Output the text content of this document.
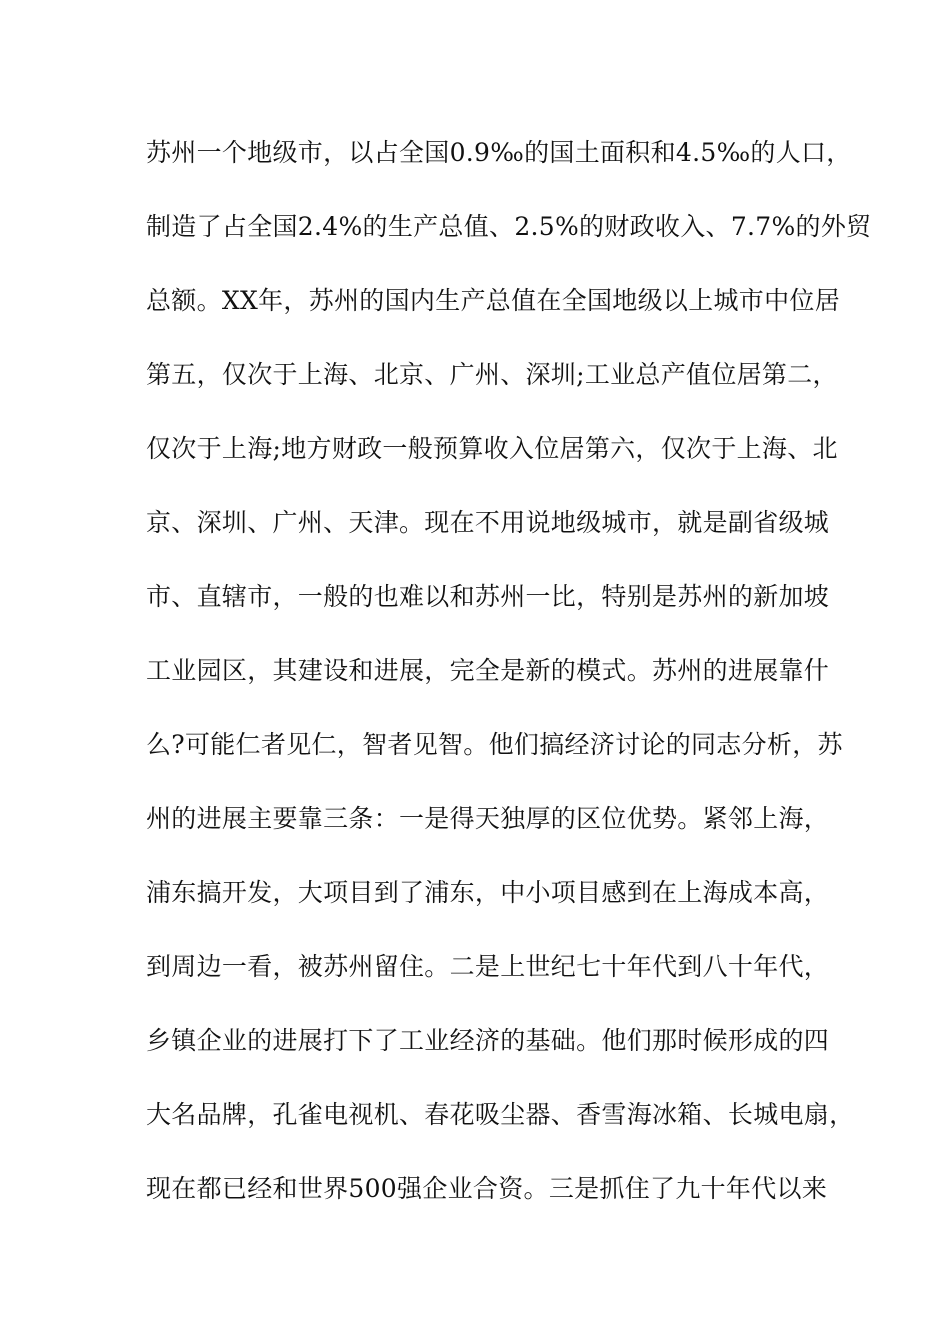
苏州一个地级市，以占全国0.9‰的国土面积和4.5‰的人口，
制造了占全国2.4%的生产总值、2.5%的财政收入、7.7%的外贸
总额。XX年，苏州的国内生产总值在全国地级以上城市中位居
第五，仅次于上海、北京、广州、深圳;工业总产值位居第二，
仅次于上海;地方财政一般预算收入位居第六，仅次于上海、北
京、深圳、广州、天津。现在不用说地级城市，就是副省级城
市、直辖市，一般的也难以和苏州一比，特别是苏州的新加坡
工业园区，其建设和进展，完全是新的模式。苏州的进展靠什
么?可能仁者见仁，智者见智。他们搞经济讨论的同志分析，苏
州的进展主要靠三条：一是得天独厚的区位优势。紧邻上海，
浦东搞开发，大项目到了浦东，中小项目感到在上海成本高，
到周边一看，被苏州留住。二是上世纪七十年代到八十年代，
乡镇企业的进展打下了工业经济的基础。他们那时候形成的四
大名品牌，孔雀电视机、春花吸尘器、香雪海冰箱、长城电扇，
现在都已经和世界500强企业合资。三是抓住了九十年代以来
